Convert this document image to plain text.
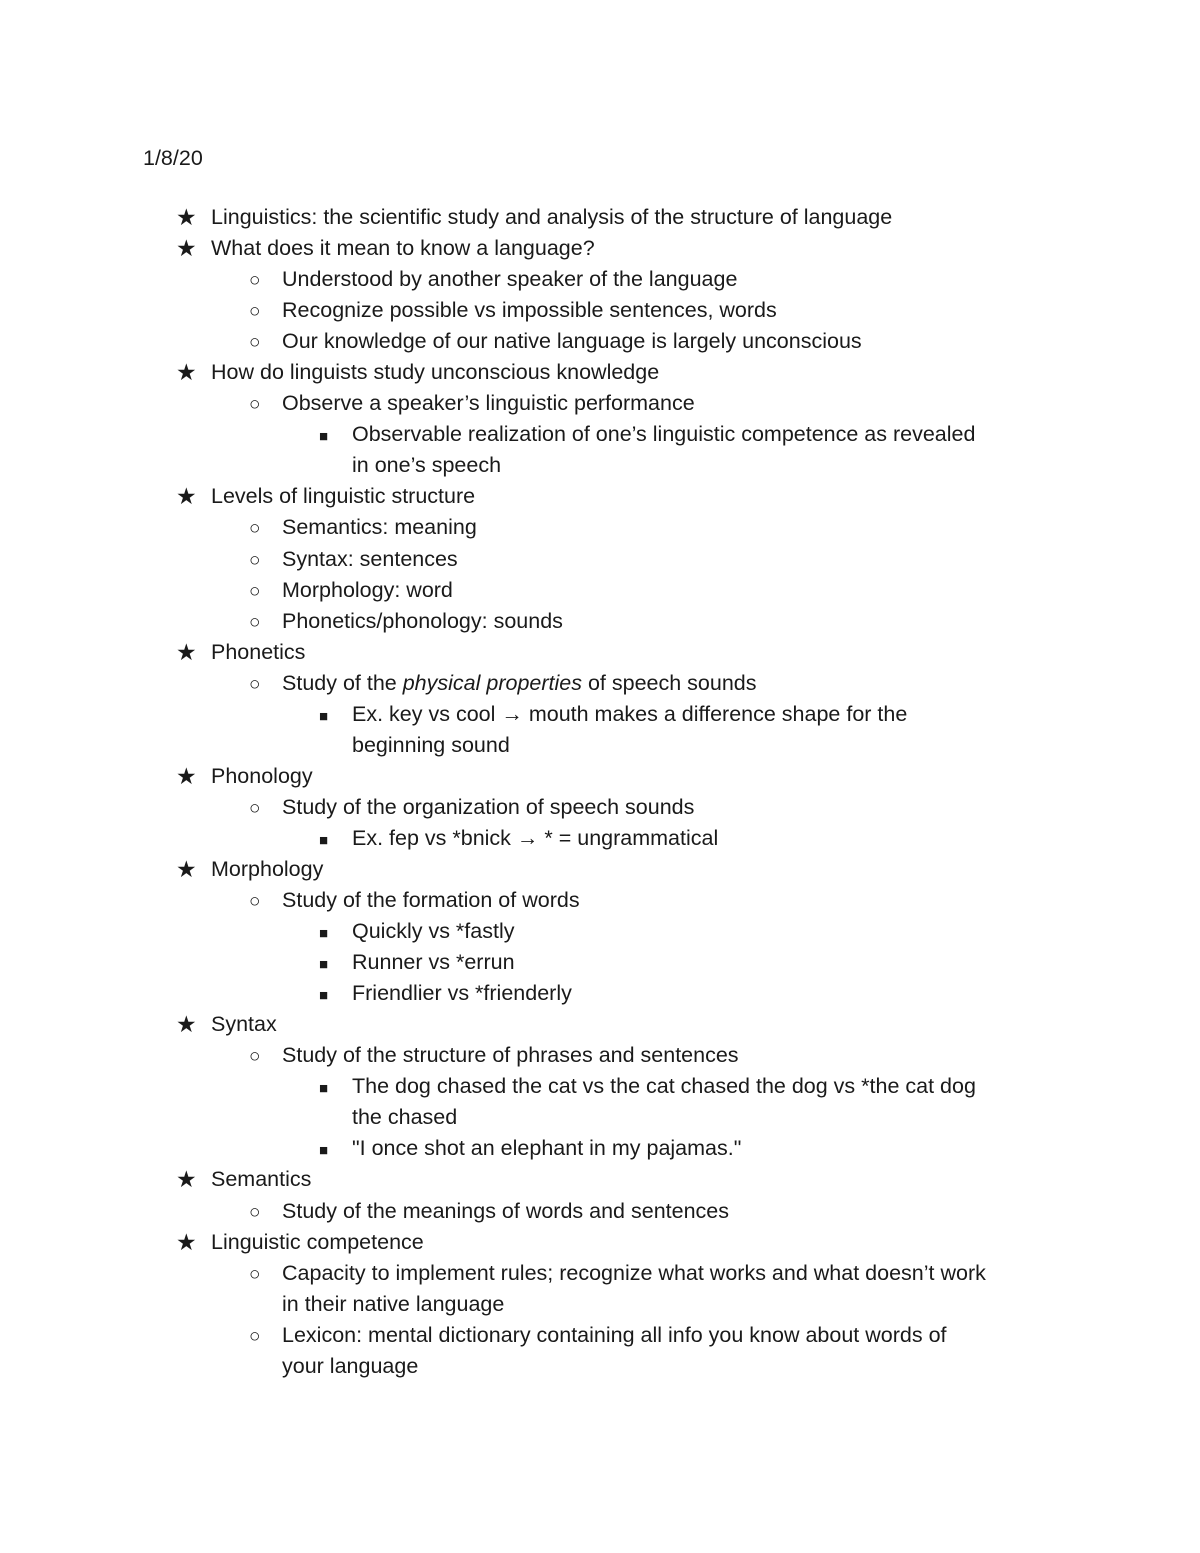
1/8/20
★ Linguistics: the scientific study and analysis of the structure of language
★ What does it mean to know a language?
○ Understood by another speaker of the language
○ Recognize possible vs impossible sentences, words
○ Our knowledge of our native language is largely unconscious
★ How do linguists study unconscious knowledge
○ Observe a speaker’s linguistic performance
■ Observable realization of one’s linguistic competence as revealed
in one’s speech
★ Levels of linguistic structure
○ Semantics: meaning
○ Syntax: sentences
○ Morphology: word
○ Phonetics/phonology: sounds
★ Phonetics
○ Study of the physical properties of speech sounds
■ Ex. key vs cool → mouth makes a difference shape for the
beginning sound
★ Phonology
○ Study of the organization of speech sounds
■ Ex. fep vs *bnick → * = ungrammatical
★ Morphology
○ Study of the formation of words
■ Quickly vs *fastly
■ Runner vs *errun
■ Friendlier vs *frienderly
★ Syntax
○ Study of the structure of phrases and sentences
■ The dog chased the cat vs the cat chased the dog vs *the cat dog
the chased
■ "I once shot an elephant in my pajamas."
★ Semantics
○ Study of the meanings of words and sentences
★ Linguistic competence
○ Capacity to implement rules; recognize what works and what doesn’t work
in their native language
○ Lexicon: mental dictionary containing all info you know about words of
your language
